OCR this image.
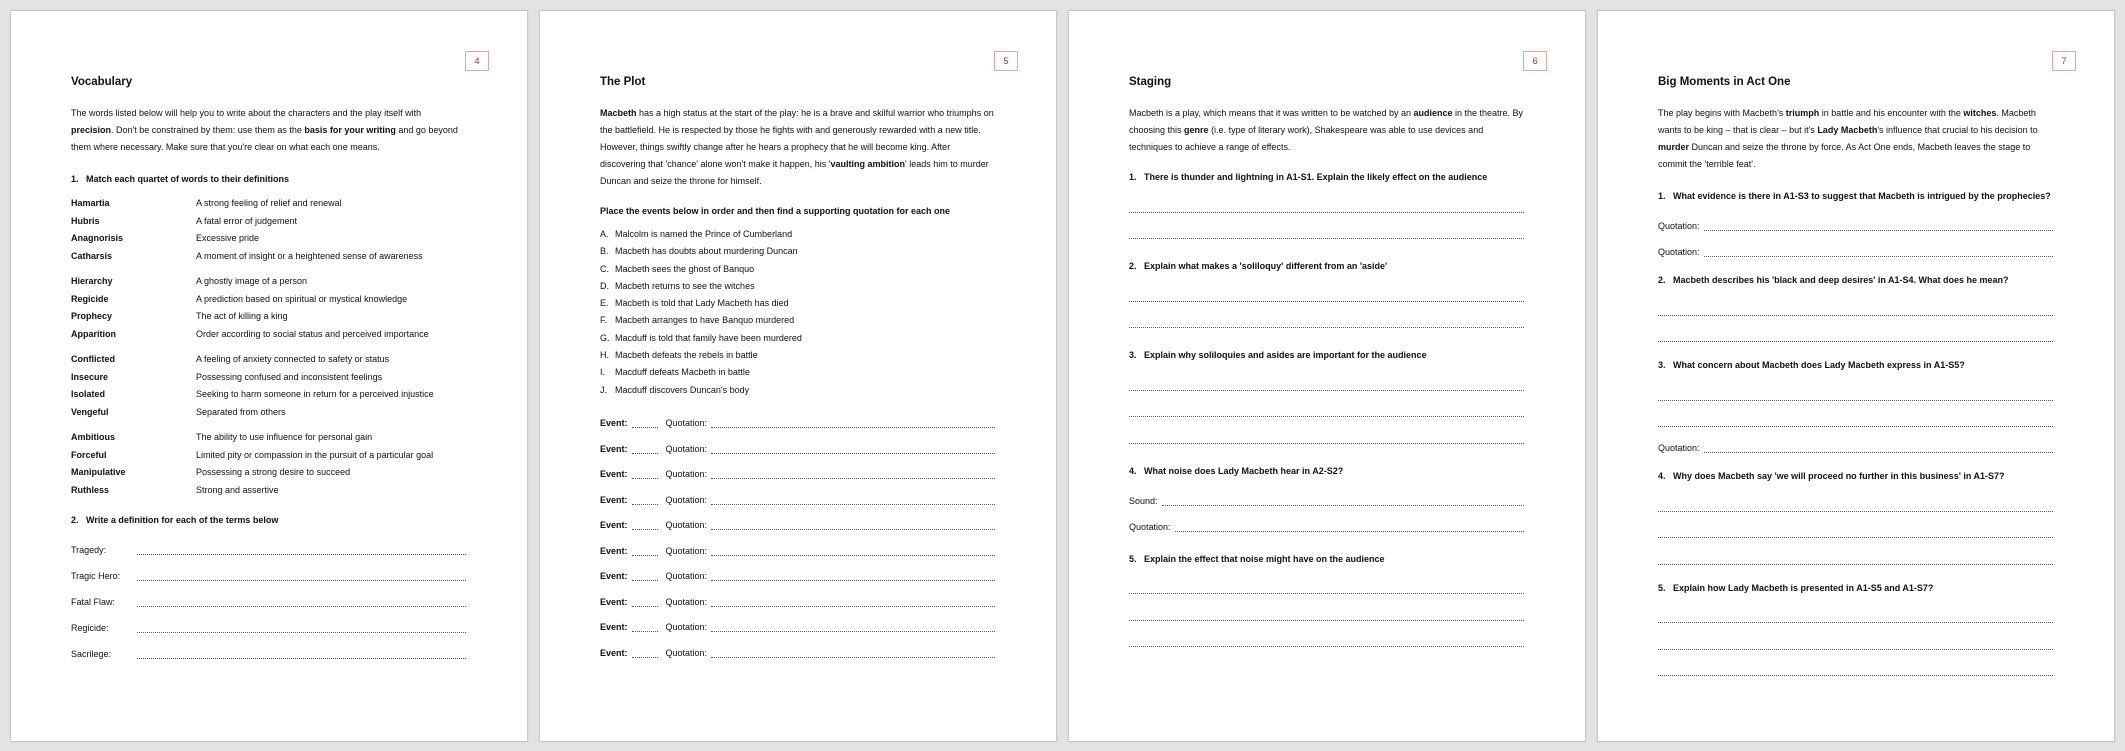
4
Vocabulary
The words listed below will help you to write about the characters and the play itself with precision. Don't be constrained by them: use them as the basis for your writing and go beyond them where necessary. Make sure that you're clear on what each one means.
1. Match each quartet of words to their definitions
Hamartia	A strong feeling of relief and renewal
Hubris	A fatal error of judgement
Anagnorisis	Excessive pride
Catharsis	A moment of insight or a heightened sense of awareness
Hierarchy	A ghostly image of a person
Regicide	A prediction based on spiritual or mystical knowledge
Prophecy	The act of killing a king
Apparition	Order according to social status and perceived importance
Conflicted	A feeling of anxiety connected to safety or status
Insecure	Possessing confused and inconsistent feelings
Isolated	Seeking to harm someone in return for a perceived injustice
Vengeful	Separated from others
Ambitious	The ability to use influence for personal gain
Forceful	Limited pity or compassion in the pursuit of a particular goal
Manipulative	Possessing a strong desire to succeed
Ruthless	Strong and assertive
2. Write a definition for each of the terms below
Tragedy:
Tragic Hero:
Fatal Flaw:
Regicide:
Sacrilege:
5
The Plot
Macbeth has a high status at the start of the play: he is a brave and skilful warrior who triumphs on the battlefield. He is respected by those he fights with and generously rewarded with a new title. However, things swiftly change after he hears a prophecy that he will become king. After discovering that 'chance' alone won't make it happen, his 'vaulting ambition' leads him to murder Duncan and seize the throne for himself.
Place the events below in order and then find a supporting quotation for each one
A. Malcolm is named the Prince of Cumberland
B. Macbeth has doubts about murdering Duncan
C. Macbeth sees the ghost of Banquo
D. Macbeth returns to see the witches
E. Macbeth is told that Lady Macbeth has died
F. Macbeth arranges to have Banquo murdered
G. Macduff is told that family have been murdered
H. Macbeth defeats the rebels in battle
I.	Macduff defeats Macbeth in battle
J. Macduff discovers Duncan's body
Event:	Quotation:
Event:	Quotation:
Event:	Quotation:
Event:	Quotation:
Event:	Quotation:
Event:	Quotation:
Event:	Quotation:
Event:	Quotation:
Event:	Quotation:
Event:	Quotation:
6
Staging
Macbeth is a play, which means that it was written to be watched by an audience in the theatre. By choosing this genre (i.e. type of literary work), Shakespeare was able to use devices and techniques to achieve a range of effects.
1. There is thunder and lightning in A1-S1. Explain the likely effect on the audience
2. Explain what makes a 'soliloquy' different from an 'aside'
3. Explain why soliloquies and asides are important for the audience
4. What noise does Lady Macbeth hear in A2-S2?
Sound:
Quotation:
5. Explain the effect that noise might have on the audience
7
Big Moments in Act One
The play begins with Macbeth's triumph in battle and his encounter with the witches. Macbeth wants to be king – that is clear – but it's Lady Macbeth's influence that crucial to his decision to murder Duncan and seize the throne by force. As Act One ends, Macbeth leaves the stage to commit the 'terrible feat'.
1. What evidence is there in A1-S3 to suggest that Macbeth is intrigued by the prophecies?
Quotation:
Quotation:
2. Macbeth describes his 'black and deep desires' in A1-S4. What does he mean?
3. What concern about Macbeth does Lady Macbeth express in A1-S5?
Quotation:
4. Why does Macbeth say 'we will proceed no further in this business' in A1-S7?
5. Explain how Lady Macbeth is presented in A1-S5 and A1-S7?
